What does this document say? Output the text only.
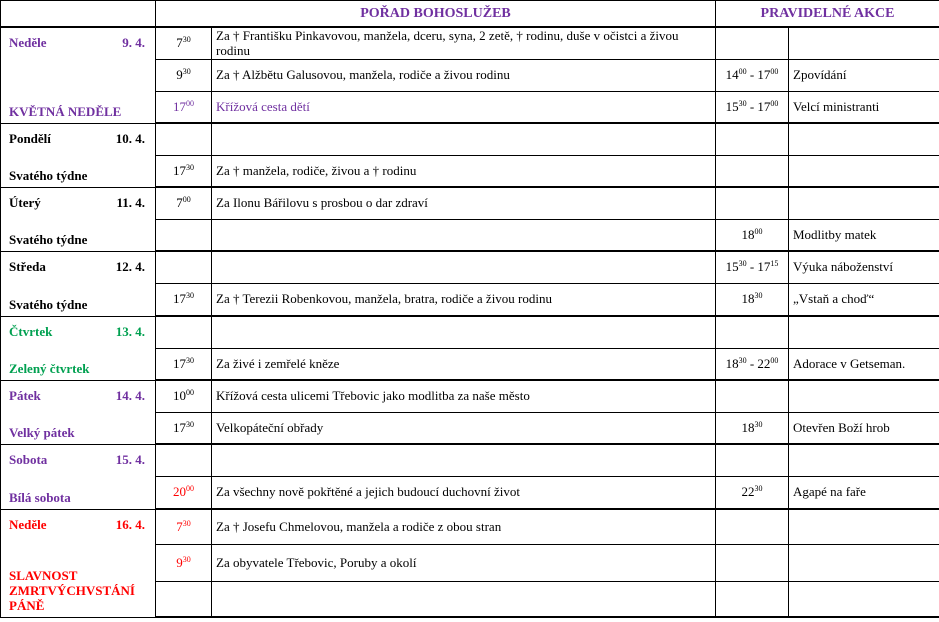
	POŘAD BOHOSLUŽEB		PRAVIDELNÉ AKCE	

Neděle 9. 4.
KVĚTNÁ NEDĚLE	$7^{30}$	Za † Františku Pinkavovou, manžela, dceru, syna, 2 zetě, † rodinu, duše v očistci a živou rodinu		
	$9^{30}$	Za † Alžbětu Galusovou, manžela, rodiče a živou rodinu	$14^{00} - 17^{00}$	Zpovídání
	$17^{00}$	Křížová cesta dětí	$15^{30} - 17^{00}$	Velcí ministranti

Pondělí 10. 4.
Svatého týdne				

	$17^{30}$	Za † manžela, rodiče, živou a † rodinu		

Úterý 11. 4.
Svatého týdne	$7^{00}$	Za Ilonu Bářilovu s prosbou o dar zdraví		
			$18^{00}$	Modlitby matek

Středa 12. 4.
Svatého týdne			$15^{30} - 17^{15}$	Výuka náboženství
	$17^{30}$	Za † Terezii Robenkovou, manžela, bratra, rodiče a živou rodinu	$18^{30}$	„Vstaň a choď“

Čtvrtek 13. 4.
Zelený čtvrtek				

	$17^{30}$	Za živé i zemřelé kněze	$18^{30} - 22^{00}$	Adorace v Getseman.

Pátek 14. 4.
Velký pátek	$10^{00}$	Křížová cesta ulicemi Třebovic jako modlitba za naše město		
	$17^{30}$	Velkopáteční obřady	$18^{30}$	Otevřen Boží hrob

Sobota 15. 4.
Bílá sobota				

	$20^{00}$	Za všechny nově pokřtěné a jejich budoucí duchovní život	$22^{30}$	Agapé na faře

Neděle 16. 4.
SLAVNOST ZMRTVÝCHVSTÁNÍ PÁNĚ	$7^{30}$	Za † Josefu Chmelovou, manžela a rodiče z obou stran		
	$9^{30}$	Za obyvatele Třebovic, Poruby a okolí		
